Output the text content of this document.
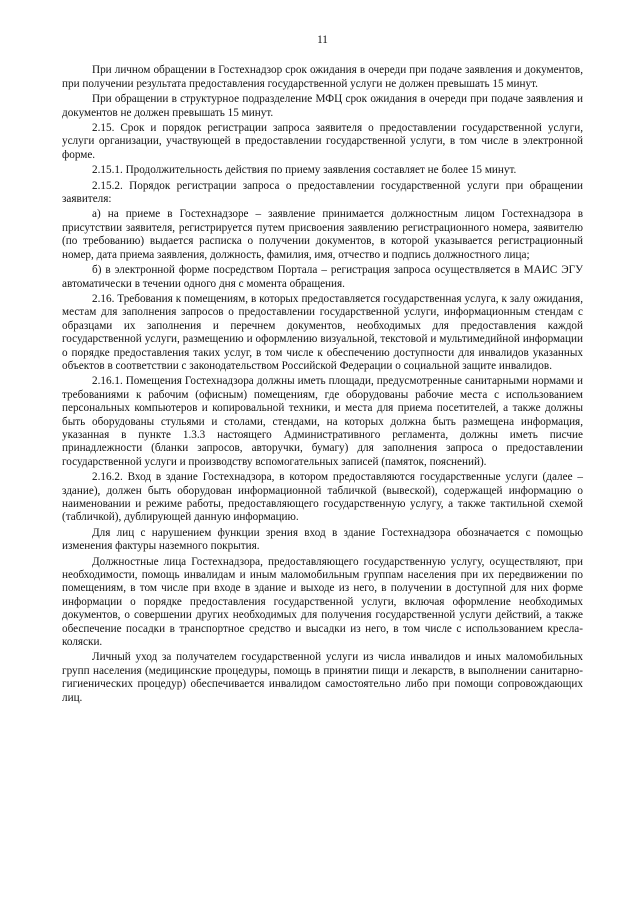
11

При личном обращении в Гостехнадзор срок ожидания в очереди при подаче заявления и документов, при получении результата предоставления государственной услуги не должен превышать 15 минут.

При обращении в структурное подразделение МФЦ срок ожидания в очереди при подаче заявления и документов не должен превышать 15 минут.

2.15. Срок и порядок регистрации запроса заявителя о предоставлении государственной услуги, услуги организации, участвующей в предоставлении государственной услуги, в том числе в электронной форме.

2.15.1. Продолжительность действия по приему заявления составляет не более 15 минут.

2.15.2. Порядок регистрации запроса о предоставлении государственной услуги при обращении заявителя:

а) на приеме в Гостехнадзоре – заявление принимается должностным лицом Гостехнадзора в присутствии заявителя, регистрируется путем присвоения заявлению регистрационного номера, заявителю (по требованию) выдается расписка о получении документов, в которой указывается регистрационный номер, дата приема заявления, должность, фамилия, имя, отчество и подпись должностного лица;

б) в электронной форме посредством Портала – регистрация запроса осуществляется в МАИС ЭГУ автоматически в течении одного дня с момента обращения.

2.16. Требования к помещениям, в которых предоставляется государственная услуга, к залу ожидания, местам для заполнения запросов о предоставлении государственной услуги, информационным стендам с образцами их заполнения и перечнем документов, необходимых для предоставления каждой государственной услуги, размещению и оформлению визуальной, текстовой и мультимедийной информации о порядке предоставления таких услуг, в том числе к обеспечению доступности для инвалидов указанных объектов в соответствии с законодательством Российской Федерации о социальной защите инвалидов.

2.16.1. Помещения Гостехнадзора должны иметь площади, предусмотренные санитарными нормами и требованиями к рабочим (офисным) помещениям, где оборудованы рабочие места с использованием персональных компьютеров и копировальной техники, и места для приема посетителей, а также должны быть оборудованы стульями и столами, стендами, на которых должна быть размещена информация, указанная в пункте 1.3.3 настоящего Административного регламента, должны иметь писчие принадлежности (бланки запросов, авторучки, бумагу) для заполнения запроса о предоставлении государственной услуги и производству вспомогательных записей (памяток, пояснений).

2.16.2. Вход в здание Гостехнадзора, в котором предоставляются государственные услуги (далее – здание), должен быть оборудован информационной табличкой (вывеской), содержащей информацию о наименовании и режиме работы, предоставляющего государственную услугу, а также тактильной схемой (табличкой), дублирующей данную информацию.

Для лиц с нарушением функции зрения вход в здание Гостехнадзора обозначается с помощью изменения фактуры наземного покрытия.

Должностные лица Гостехнадзора, предоставляющего государственную услугу, осуществляют, при необходимости, помощь инвалидам и иным маломобильным группам населения при их передвижении по помещениям, в том числе при входе в здание и выходе из него, в получении в доступной для них форме информации о порядке предоставления государственной услуги, включая оформление необходимых документов, о совершении других необходимых для получения государственной услуги действий, а также обеспечение посадки в транспортное средство и высадки из него, в том числе с использованием кресла-коляски.

Личный уход за получателем государственной услуги из числа инвалидов и иных маломобильных групп населения (медицинские процедуры, помощь в принятии пищи и лекарств, в выполнении санитарно-гигиенических процедур) обеспечивается инвалидом самостоятельно либо при помощи сопровождающих лиц.
